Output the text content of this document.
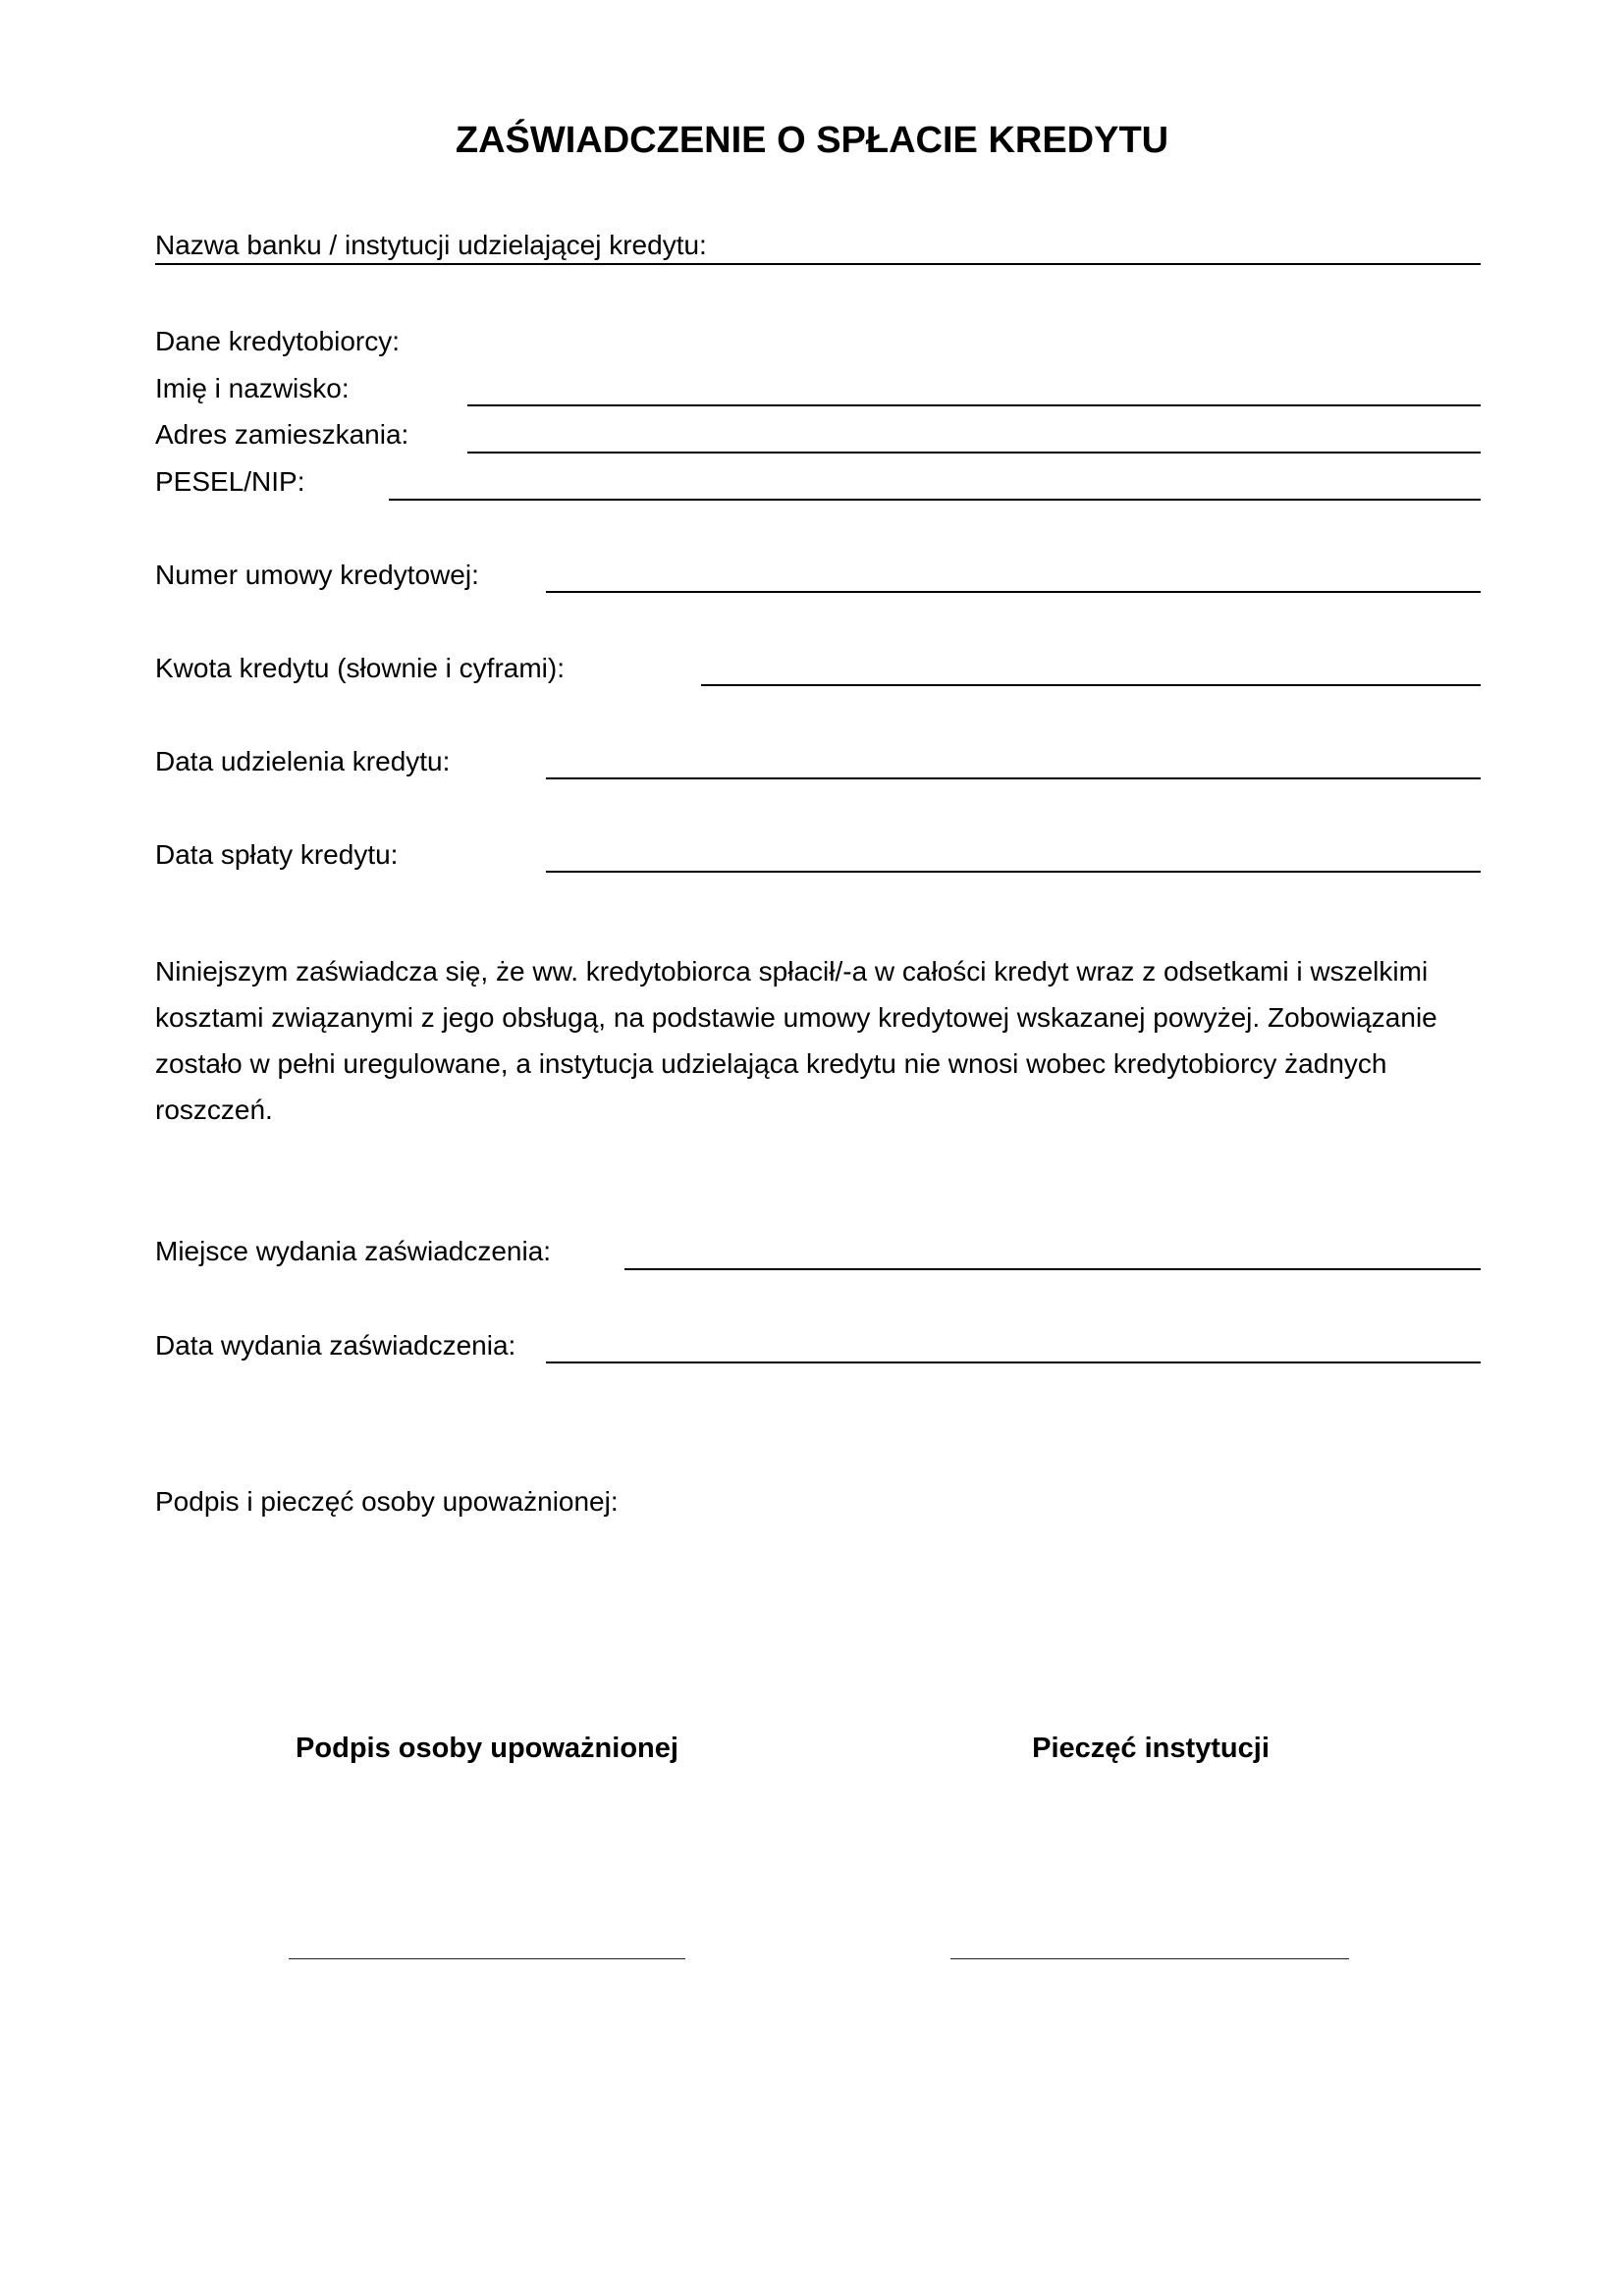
ZAŚWIADCZENIE O SPŁACIE KREDYTU
Nazwa banku / instytucji udzielającej kredytu:
Dane kredytobiorcy:
Imię i nazwisko:
Adres zamieszkania:
PESEL/NIP:
Numer umowy kredytowej:
Kwota kredytu (słownie i cyframi):
Data udzielenia kredytu:
Data spłaty kredytu:
Niniejszym zaświadcza się, że ww. kredytobiorca spłacił/-a w całości kredyt wraz z odsetkami i wszelkimi kosztami związanymi z jego obsługą, na podstawie umowy kredytowej wskazanej powyżej. Zobowiązanie zostało w pełni uregulowane, a instytucja udzielająca kredytu nie wnosi wobec kredytobiorcy żadnych roszczeń.
Miejsce wydania zaświadczenia:
Data wydania zaświadczenia:
Podpis i pieczęć osoby upoważnionej:
Podpis osoby upoważnionej	Pieczęć instytucji
